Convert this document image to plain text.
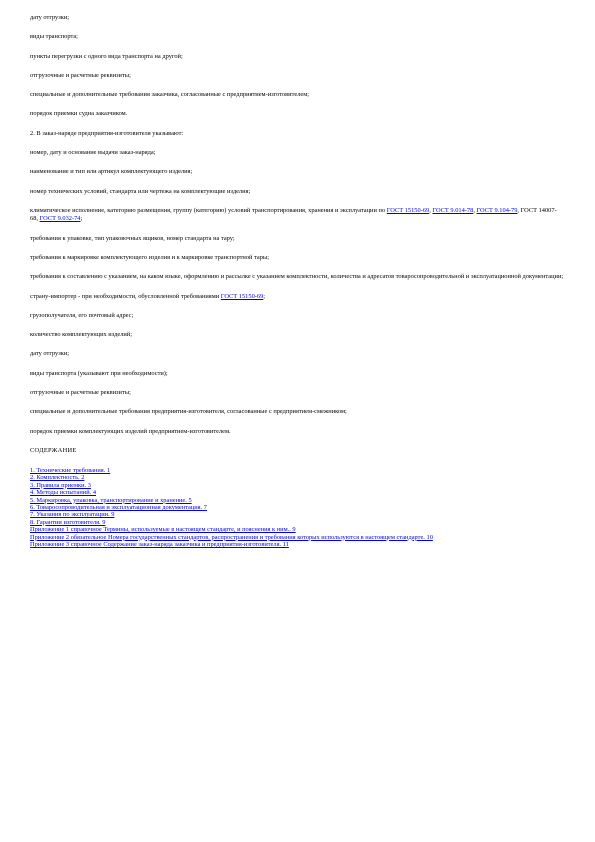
дату отгрузки;

виды транспорта;

пункты перегрузки с одного вида транспорта на другой;

отгрузочные и расчетные реквизиты;

специальные и дополнительные требования заказчика, согласованные с предприятием-изготовителем;

порядок приемки судна заказчиком.

2. В заказ-наряде предприятия-изготовителя указывают:

номер, дату и основание выдачи заказ-наряда;

наименование и тип или артикул комплектующего изделия;

номер технических условий, стандарта или чертежа на комплектующие изделия;

климатическое исполнение, категорию размещения, группу (категорию) условий транспортирования, хранения и эксплуатации по ГОСТ 15150-69, ГОСТ 9.014-78, ГОСТ 9.104-79, ГОСТ 14007-68, ГОСТ 9.032-74;

требования к упаковке, тип упаковочных ящиков, номер стандарта на тару;

требования к маркировке комплектующего изделия и к маркировке транспортной тары;

требования к составлению с указанием, на каком языке, оформлению и рассылке с указанием комплектности, количества и адресатов товаросопроводительной и эксплуатационной документации;

страну-импортер - при необходимости, обусловленной требованиями ГОСТ 15150-69;

грузополучателя, его почтовый адрес;

количество комплектующих изделий;

дату отгрузки;

виды транспорта (указывают при необходимости);

отгрузочные и расчетные реквизиты;

специальные и дополнительные требования предприятия-изготовителя, согласованные с предприятием-смежником;

порядок приемки комплектующих изделий предприятием-изготовителем.

СОДЕРЖАНИЕ
1. Технические требования. 1
2. Комплектность. 2
3. Правила приемки. 3
4. Методы испытаний. 4
5. Маркировка, упаковка, транспортирование и хранение. 5
6. Товаросопроводительная и эксплуатационная документация. 7
7. Указания по эксплуатации. 9
8. Гарантии изготовителя. 9
Приложение 1 справочное Термины, используемые в настоящем стандарте, и пояснения к ним.. 9
Приложение 2 обязательное Номера государственных стандартов, распространения и требования которых используются в настоящем стандарте. 10
Приложение 3 справочное Содержание заказ-наряда заказчика и предприятия-изготовителя. 11
